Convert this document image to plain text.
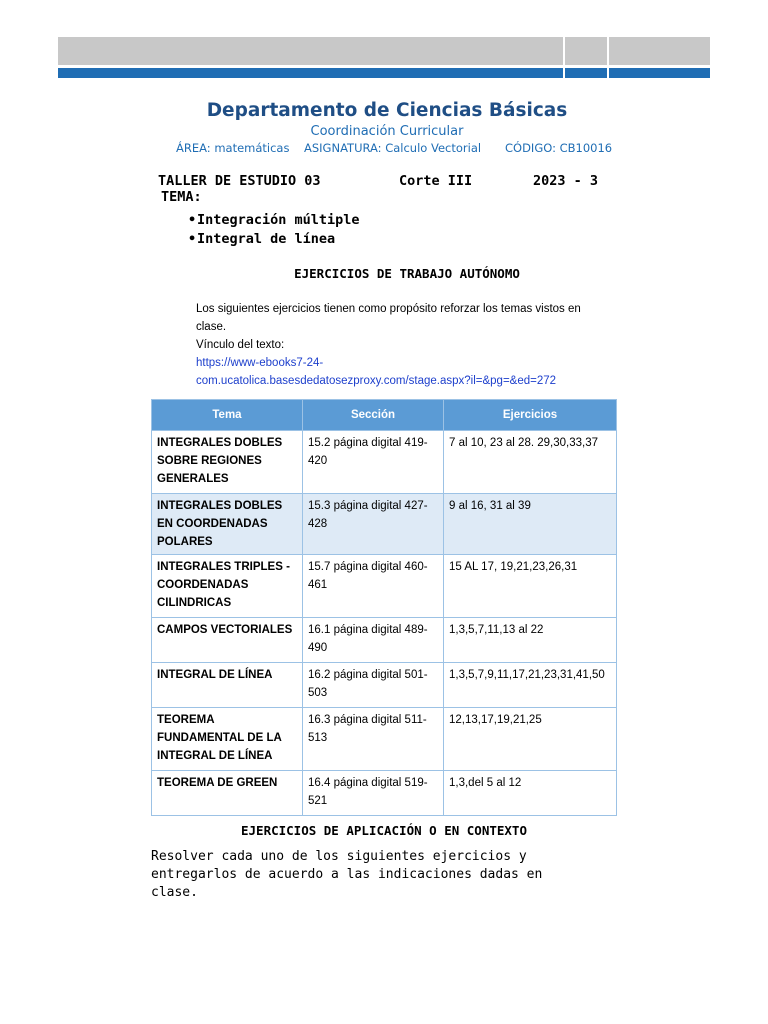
Departamento de Ciencias Básicas
Coordinación Curricular
ÁREA: matemáticas ASIGNATURA: Calculo Vectorial CÓDIGO: CB10016
TALLER DE ESTUDIO 03	Corte III	2023 - 3
TEMA:
•Integración múltiple
•Integral de línea
EJERCICIOS DE TRABAJO AUTÓNOMO
Los siguientes ejercicios tienen como propósito reforzar los temas vistos en
clase.
Vínculo del texto:
https://www-ebooks7-24-
com.ucatolica.basesdedatosezproxy.com/stage.aspx?il=&pg=&ed=272
Tema	Sección	Ejercicios
INTEGRALES DOBLES SOBRE REGIONES GENERALES	15.2 página digital 419-420	7 al 10, 23 al 28. 29,30,33,37
INTEGRALES DOBLES EN COORDENADAS POLARES	15.3 página digital 427-428	9 al 16, 31 al 39
INTEGRALES TRIPLES - COORDENADAS CILINDRICAS	15.7 página digital 460-461	15 AL 17, 19,21,23,26,31
CAMPOS VECTORIALES	16.1 página digital 489-490	1,3,5,7,11,13 al 22
INTEGRAL DE LÍNEA	16.2 página digital 501-503	1,3,5,7,9,11,17,21,23,31,41,50
TEOREMA FUNDAMENTAL DE LA INTEGRAL DE LÍNEA	16.3 página digital 511-513	12,13,17,19,21,25
TEOREMA DE GREEN	16.4 página digital 519-521	1,3,del 5 al 12
EJERCICIOS DE APLICACIÓN O EN CONTEXTO
Resolver cada uno de los siguientes ejercicios y entregarlos de acuerdo a las indicaciones dadas en clase.
